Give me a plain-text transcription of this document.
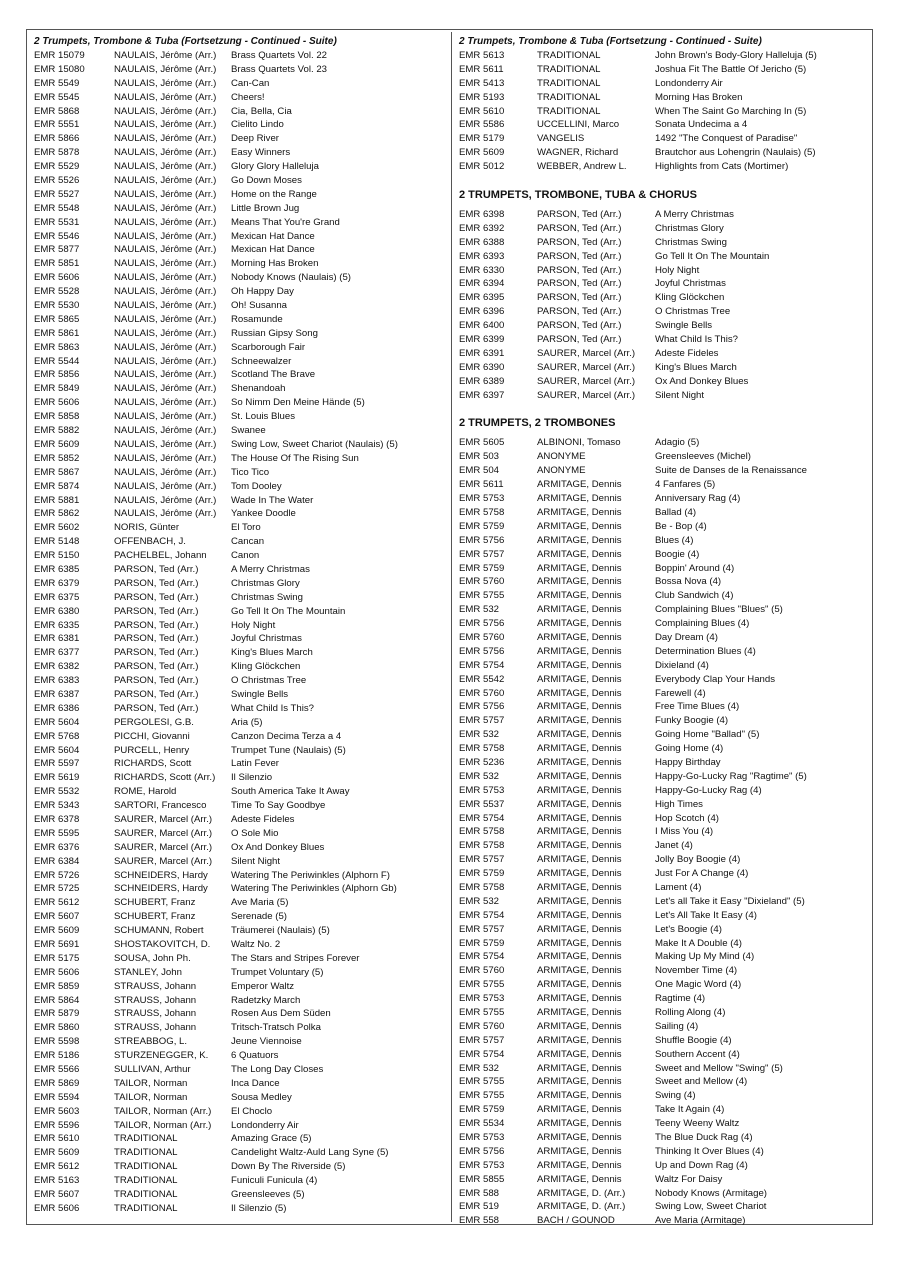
2 Trumpets, Trombone & Tuba (Fortsetzung - Continued - Suite)
EMR 15079	NAULAIS, Jérôme (Arr.)	Brass Quartets Vol. 22
EMR 15080	NAULAIS, Jérôme (Arr.)	Brass Quartets Vol. 23
EMR 5549	NAULAIS, Jérôme (Arr.)	Can-Can
EMR 5545	NAULAIS, Jérôme (Arr.)	Cheers!
EMR 5868	NAULAIS, Jérôme (Arr.)	Cia, Bella, Cia
EMR 5551	NAULAIS, Jérôme (Arr.)	Cielito Lindo
EMR 5866	NAULAIS, Jérôme (Arr.)	Deep River
EMR 5878	NAULAIS, Jérôme (Arr.)	Easy Winners
EMR 5529	NAULAIS, Jérôme (Arr.)	Glory Glory Halleluja
EMR 5526	NAULAIS, Jérôme (Arr.)	Go Down Moses
EMR 5527	NAULAIS, Jérôme (Arr.)	Home on the Range
EMR 5548	NAULAIS, Jérôme (Arr.)	Little Brown Jug
EMR 5531	NAULAIS, Jérôme (Arr.)	Means That You're Grand
EMR 5546	NAULAIS, Jérôme (Arr.)	Mexican Hat Dance
EMR 5877	NAULAIS, Jérôme (Arr.)	Mexican Hat Dance
EMR 5851	NAULAIS, Jérôme (Arr.)	Morning Has Broken
EMR 5606	NAULAIS, Jérôme (Arr.)	Nobody Knows (Naulais) (5)
EMR 5528	NAULAIS, Jérôme (Arr.)	Oh Happy Day
EMR 5530	NAULAIS, Jérôme (Arr.)	Oh! Susanna
EMR 5865	NAULAIS, Jérôme (Arr.)	Rosamunde
EMR 5861	NAULAIS, Jérôme (Arr.)	Russian Gipsy Song
EMR 5863	NAULAIS, Jérôme (Arr.)	Scarborough Fair
EMR 5544	NAULAIS, Jérôme (Arr.)	Schneewalzer
EMR 5856	NAULAIS, Jérôme (Arr.)	Scotland The Brave
EMR 5849	NAULAIS, Jérôme (Arr.)	Shenandoah
EMR 5606	NAULAIS, Jérôme (Arr.)	So Nimm Den Meine Hände (5)
EMR 5858	NAULAIS, Jérôme (Arr.)	St. Louis Blues
EMR 5882	NAULAIS, Jérôme (Arr.)	Swanee
EMR 5609	NAULAIS, Jérôme (Arr.)	Swing Low, Sweet Chariot (Naulais) (5)
EMR 5852	NAULAIS, Jérôme (Arr.)	The House Of The Rising Sun
EMR 5867	NAULAIS, Jérôme (Arr.)	Tico Tico
EMR 5874	NAULAIS, Jérôme (Arr.)	Tom Dooley
EMR 5881	NAULAIS, Jérôme (Arr.)	Wade In The Water
EMR 5862	NAULAIS, Jérôme (Arr.)	Yankee Doodle
EMR 5602	NORIS, Günter	El Toro
EMR 5148	OFFENBACH, J.	Cancan
EMR 5150	PACHELBEL, Johann	Canon
EMR 6385	PARSON, Ted (Arr.)	A Merry Christmas
EMR 6379	PARSON, Ted (Arr.)	Christmas Glory
EMR 6375	PARSON, Ted (Arr.)	Christmas Swing
EMR 6380	PARSON, Ted (Arr.)	Go Tell It On The Mountain
EMR 6335	PARSON, Ted (Arr.)	Holy Night
EMR 6381	PARSON, Ted (Arr.)	Joyful Christmas
EMR 6377	PARSON, Ted (Arr.)	King's Blues March
EMR 6382	PARSON, Ted (Arr.)	Kling Glöckchen
EMR 6383	PARSON, Ted (Arr.)	O Christmas Tree
EMR 6387	PARSON, Ted (Arr.)	Swingle Bells
EMR 6386	PARSON, Ted (Arr.)	What Child Is This?
EMR 5604	PERGOLESI, G.B.	Aria (5)
EMR 5768	PICCHI, Giovanni	Canzon Decima Terza a 4
EMR 5604	PURCELL, Henry	Trumpet Tune (Naulais) (5)
EMR 5597	RICHARDS, Scott	Latin Fever
EMR 5619	RICHARDS, Scott (Arr.)	Il Silenzio
EMR 5532	ROME, Harold	South America Take It Away
EMR 5343	SARTORI, Francesco	Time To Say Goodbye
EMR 6378	SAURER, Marcel (Arr.)	Adeste Fideles
EMR 5595	SAURER, Marcel (Arr.)	O Sole Mio
EMR 6376	SAURER, Marcel (Arr.)	Ox And Donkey Blues
EMR 6384	SAURER, Marcel (Arr.)	Silent Night
EMR 5726	SCHNEIDERS, Hardy	Watering The Periwinkles (Alphorn F)
EMR 5725	SCHNEIDERS, Hardy	Watering The Periwinkles (Alphorn Gb)
EMR 5612	SCHUBERT, Franz	Ave Maria (5)
EMR 5607	SCHUBERT, Franz	Serenade (5)
EMR 5609	SCHUMANN, Robert	Träumerei (Naulais) (5)
EMR 5691	SHOSTAKOVITCH, D.	Waltz No. 2
EMR 5175	SOUSA, John Ph.	The Stars and Stripes Forever
EMR 5606	STANLEY, John	Trumpet Voluntary (5)
EMR 5859	STRAUSS, Johann	Emperor Waltz
EMR 5864	STRAUSS, Johann	Radetzky March
EMR 5879	STRAUSS, Johann	Rosen Aus Dem Süden
EMR 5860	STRAUSS, Johann	Tritsch-Tratsch Polka
EMR 5598	STREABBOG, L.	Jeune Viennoise
EMR 5186	STURZENEGGER, K.	6 Quatuors
EMR 5566	SULLIVAN, Arthur	The Long Day Closes
EMR 5869	TAILOR, Norman	Inca Dance
EMR 5594	TAILOR, Norman	Sousa Medley
EMR 5603	TAILOR, Norman (Arr.)	El Choclo
EMR 5596	TAILOR, Norman (Arr.)	Londonderry Air
EMR 5610	TRADITIONAL	Amazing Grace (5)
EMR 5609	TRADITIONAL	Candelight Waltz-Auld Lang Syne (5)
EMR 5612	TRADITIONAL	Down By The Riverside (5)
EMR 5163	TRADITIONAL	Funiculi Funicula (4)
EMR 5607	TRADITIONAL	Greensleeves (5)
EMR 5606	TRADITIONAL	Il Silenzio (5)
2 Trumpets, Trombone & Tuba (Fortsetzung - Continued - Suite)
EMR 5613	TRADITIONAL	John Brown's Body-Glory Halleluja (5)
EMR 5611	TRADITIONAL	Joshua Fit The Battle Of Jericho (5)
EMR 5413	TRADITIONAL	Londonderry Air
EMR 5193	TRADITIONAL	Morning Has Broken
EMR 5610	TRADITIONAL	When The Saint Go Marching In (5)
EMR 5586	UCCELLINI, Marco	Sonata Undecima a 4
EMR 5179	VANGELIS	1492 "The Conquest of Paradise"
EMR 5609	WAGNER, Richard	Brautchor aus Lohengrin (Naulais) (5)
EMR 5012	WEBBER, Andrew L.	Highlights from Cats (Mortimer)
2 TRUMPETS, TROMBONE, TUBA & CHORUS
EMR 6398	PARSON, Ted (Arr.)	A Merry Christmas
EMR 6392	PARSON, Ted (Arr.)	Christmas Glory
EMR 6388	PARSON, Ted (Arr.)	Christmas Swing
EMR 6393	PARSON, Ted (Arr.)	Go Tell It On The Mountain
EMR 6330	PARSON, Ted (Arr.)	Holy Night
EMR 6394	PARSON, Ted (Arr.)	Joyful Christmas
EMR 6395	PARSON, Ted (Arr.)	Kling Glöckchen
EMR 6396	PARSON, Ted (Arr.)	O Christmas Tree
EMR 6400	PARSON, Ted (Arr.)	Swingle Bells
EMR 6399	PARSON, Ted (Arr.)	What Child Is This?
EMR 6391	SAURER, Marcel (Arr.)	Adeste Fideles
EMR 6390	SAURER, Marcel (Arr.)	King's Blues March
EMR 6389	SAURER, Marcel (Arr.)	Ox And Donkey Blues
EMR 6397	SAURER, Marcel (Arr.)	Silent Night
2 TRUMPETS, 2 TROMBONES
EMR 5605	ALBINONI, Tomaso	Adagio (5)
EMR 503	ANONYME	Greensleeves (Michel)
EMR 504	ANONYME	Suite de Danses de la Renaissance
EMR 5611	ARMITAGE, Dennis	4 Fanfares (5)
EMR 5753	ARMITAGE, Dennis	Anniversary Rag (4)
EMR 5758	ARMITAGE, Dennis	Ballad (4)
EMR 5759	ARMITAGE, Dennis	Be - Bop (4)
EMR 5756	ARMITAGE, Dennis	Blues (4)
EMR 5757	ARMITAGE, Dennis	Boogie (4)
EMR 5759	ARMITAGE, Dennis	Boppin' Around (4)
EMR 5760	ARMITAGE, Dennis	Bossa Nova (4)
EMR 5755	ARMITAGE, Dennis	Club Sandwich (4)
EMR 532	ARMITAGE, Dennis	Complaining Blues "Blues" (5)
EMR 5756	ARMITAGE, Dennis	Complaining Blues (4)
EMR 5760	ARMITAGE, Dennis	Day Dream (4)
EMR 5756	ARMITAGE, Dennis	Determination Blues (4)
EMR 5754	ARMITAGE, Dennis	Dixieland (4)
EMR 5542	ARMITAGE, Dennis	Everybody Clap Your Hands
EMR 5760	ARMITAGE, Dennis	Farewell (4)
EMR 5756	ARMITAGE, Dennis	Free Time Blues (4)
EMR 5757	ARMITAGE, Dennis	Funky Boogie (4)
EMR 532	ARMITAGE, Dennis	Going Home "Ballad" (5)
EMR 5758	ARMITAGE, Dennis	Going Home (4)
EMR 5236	ARMITAGE, Dennis	Happy Birthday
EMR 532	ARMITAGE, Dennis	Happy-Go-Lucky Rag "Ragtime" (5)
EMR 5753	ARMITAGE, Dennis	Happy-Go-Lucky Rag (4)
EMR 5537	ARMITAGE, Dennis	High Times
EMR 5754	ARMITAGE, Dennis	Hop Scotch (4)
EMR 5758	ARMITAGE, Dennis	I Miss You (4)
EMR 5758	ARMITAGE, Dennis	Janet (4)
EMR 5757	ARMITAGE, Dennis	Jolly Boy Boogie (4)
EMR 5759	ARMITAGE, Dennis	Just For A Change (4)
EMR 5758	ARMITAGE, Dennis	Lament (4)
EMR 532	ARMITAGE, Dennis	Let's all Take it Easy "Dixieland" (5)
EMR 5754	ARMITAGE, Dennis	Let's All Take It Easy (4)
EMR 5757	ARMITAGE, Dennis	Let's Boogie (4)
EMR 5759	ARMITAGE, Dennis	Make It A Double (4)
EMR 5754	ARMITAGE, Dennis	Making Up My Mind (4)
EMR 5760	ARMITAGE, Dennis	November Time (4)
EMR 5755	ARMITAGE, Dennis	One Magic Word (4)
EMR 5753	ARMITAGE, Dennis	Ragtime (4)
EMR 5755	ARMITAGE, Dennis	Rolling Along (4)
EMR 5760	ARMITAGE, Dennis	Sailing (4)
EMR 5757	ARMITAGE, Dennis	Shuffle Boogie (4)
EMR 5754	ARMITAGE, Dennis	Southern Accent (4)
EMR 532	ARMITAGE, Dennis	Sweet and Mellow "Swing" (5)
EMR 5755	ARMITAGE, Dennis	Sweet and Mellow (4)
EMR 5755	ARMITAGE, Dennis	Swing (4)
EMR 5759	ARMITAGE, Dennis	Take It Again (4)
EMR 5534	ARMITAGE, Dennis	Teeny Weeny Waltz
EMR 5753	ARMITAGE, Dennis	The Blue Duck Rag (4)
EMR 5756	ARMITAGE, Dennis	Thinking It Over Blues (4)
EMR 5753	ARMITAGE, Dennis	Up and Down Rag (4)
EMR 5855	ARMITAGE, Dennis	Waltz For Daisy
EMR 588	ARMITAGE, D. (Arr.)	Nobody Knows (Armitage)
EMR 519	ARMITAGE, D. (Arr.)	Swing Low, Sweet Chariot
EMR 558	BACH / GOUNOD	Ave Maria (Armitage)
